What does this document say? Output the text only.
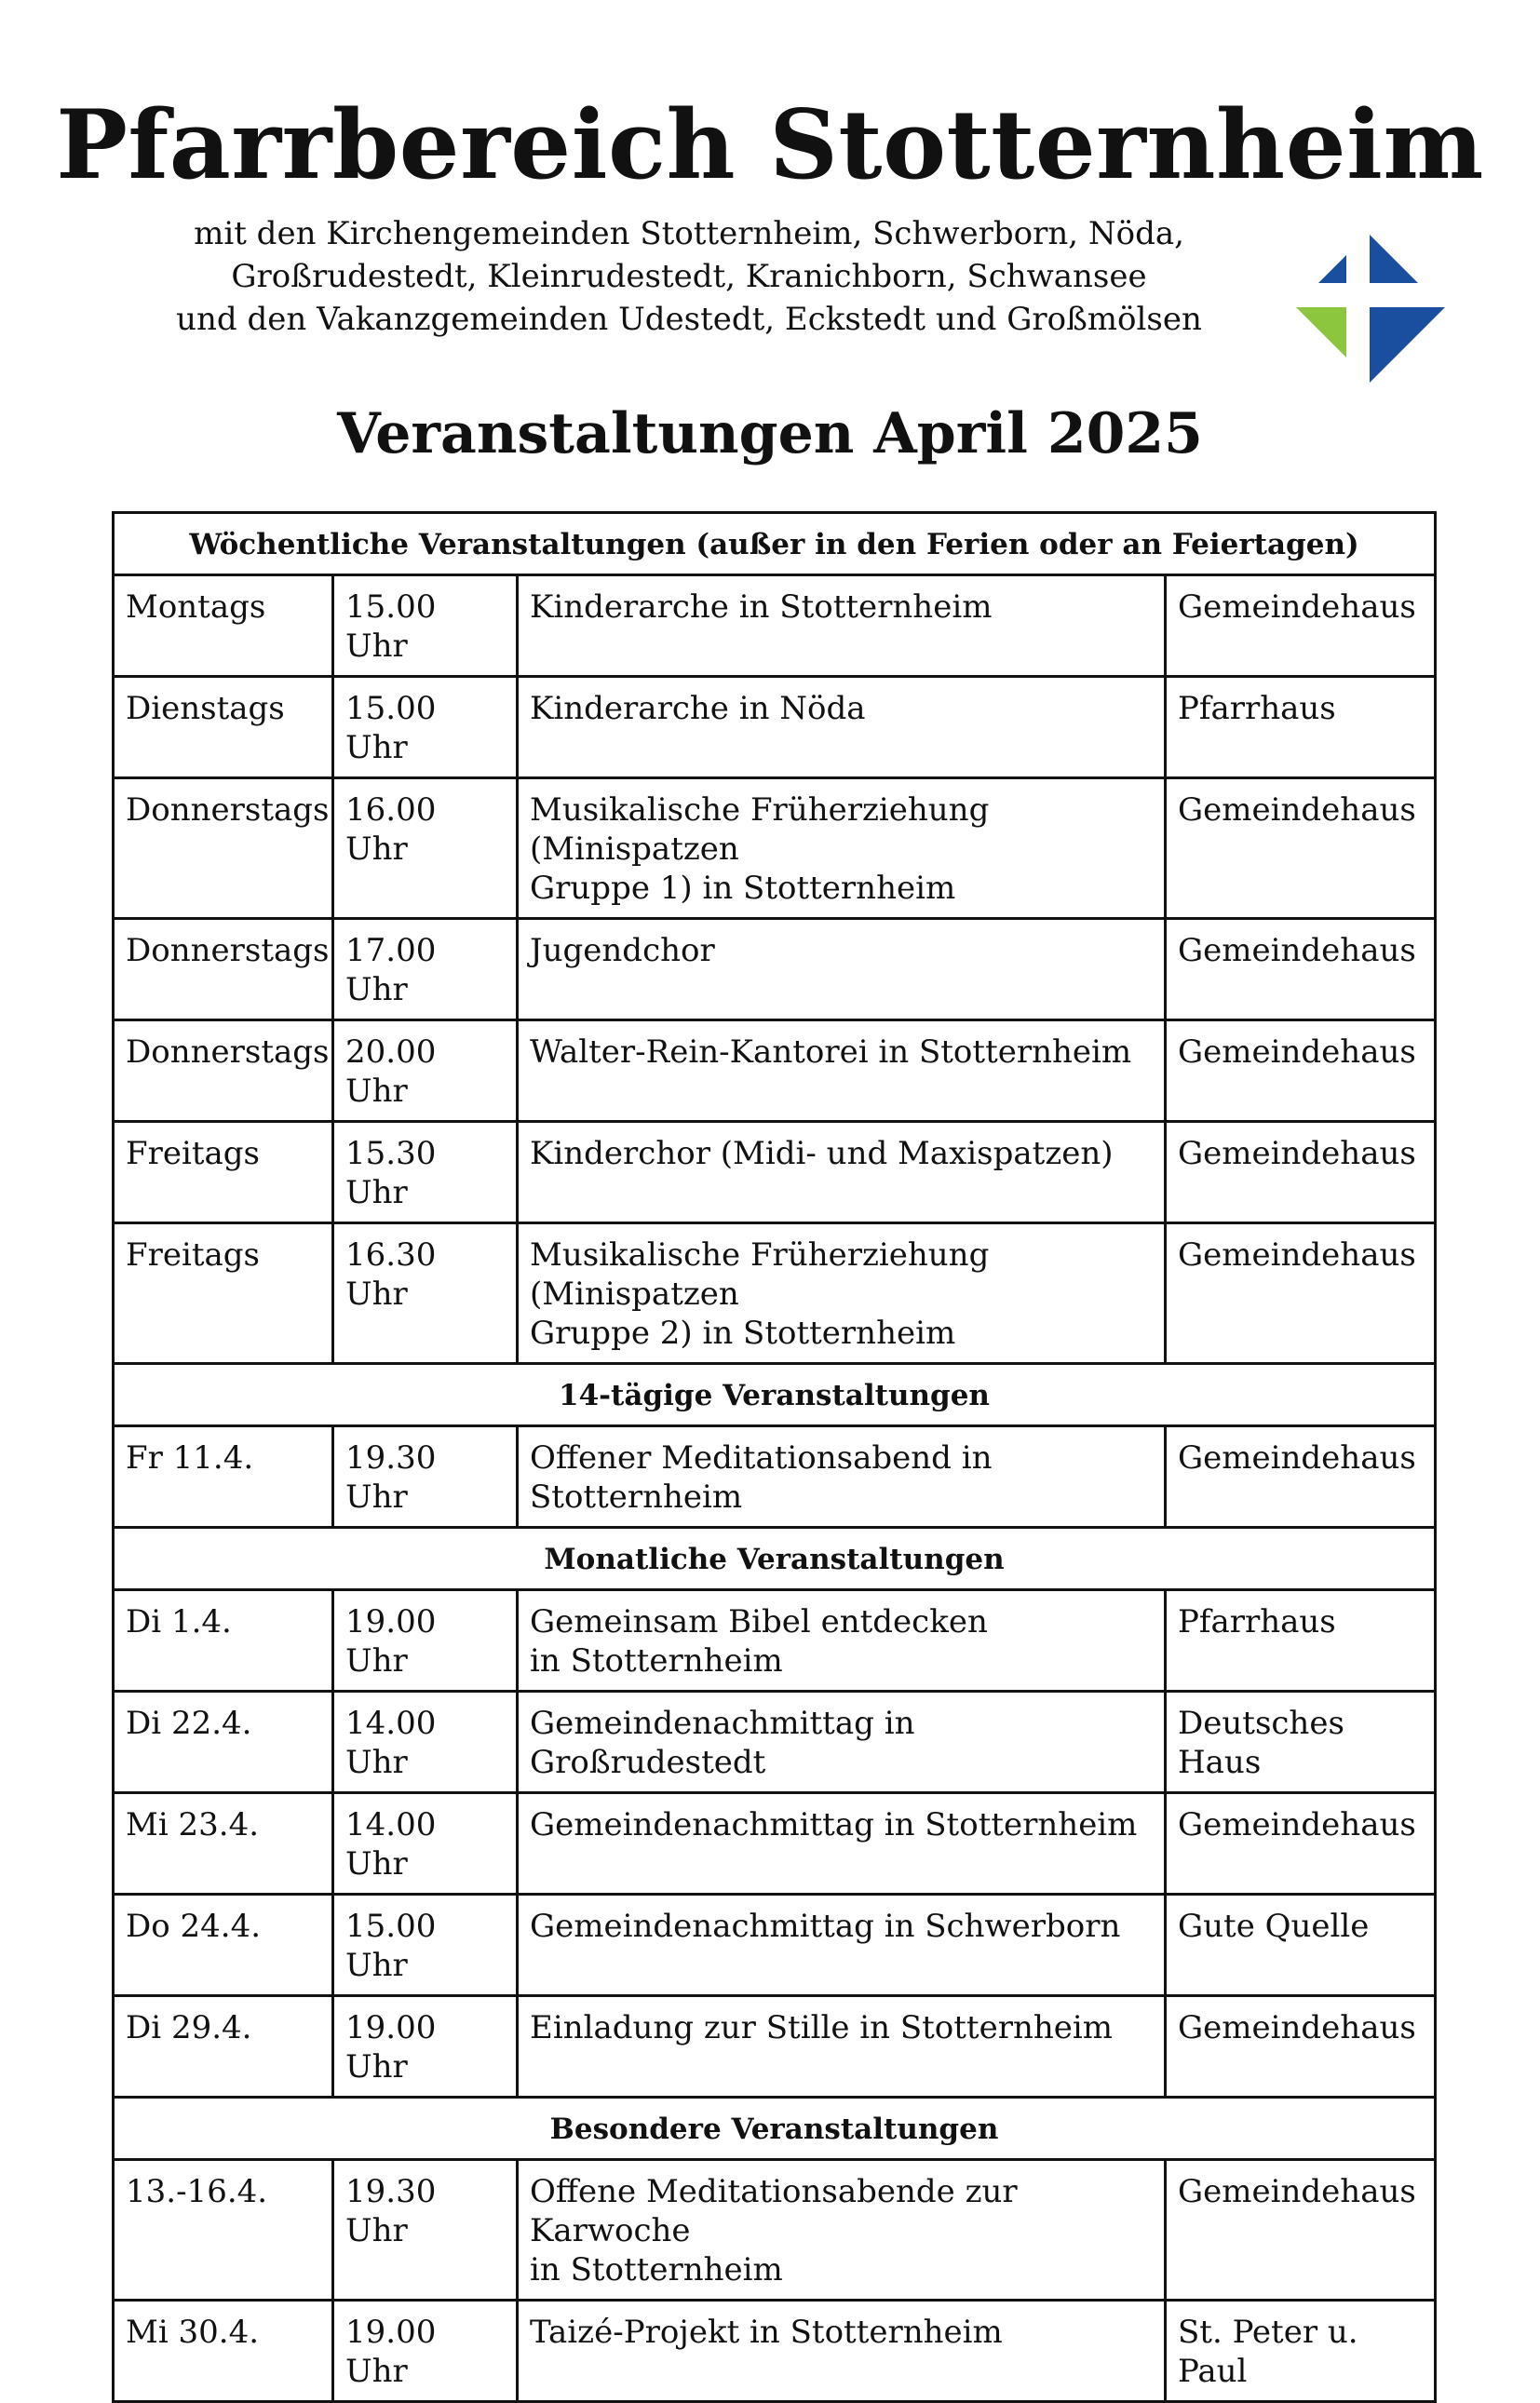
Pfarrbereich Stotternheim
mit den Kirchengemeinden Stotternheim, Schwerborn, Nöda,
Großrudestedt, Kleinrudestedt, Kranichborn, Schwansee
und den Vakanzgemeinden Udestedt, Eckstedt und Großmölsen
Veranstaltungen April 2025
Wöchentliche Veranstaltungen (außer in den Ferien oder an Feiertagen)			
Montags	15.00 Uhr	Kinderarche in Stotternheim	Gemeindehaus
Dienstags	15.00 Uhr	Kinderarche in Nöda	Pfarrhaus
Donnerstags	16.00 Uhr	Musikalische Früherziehung (Minispatzen
Gruppe 1) in Stotternheim	Gemeindehaus
Donnerstags	17.00 Uhr	Jugendchor	Gemeindehaus
Donnerstags	20.00 Uhr	Walter-Rein-Kantorei in Stotternheim	Gemeindehaus
Freitags	15.30 Uhr	Kinderchor (Midi- und Maxispatzen)	Gemeindehaus
Freitags	16.30 Uhr	Musikalische Früherziehung (Minispatzen
Gruppe 2) in Stotternheim	Gemeindehaus
14-tägige Veranstaltungen			
Fr 11.4.	19.30 Uhr	Offener Meditationsabend in Stotternheim	Gemeindehaus
Monatliche Veranstaltungen			
Di 1.4.	19.00 Uhr	Gemeinsam Bibel entdecken
in Stotternheim	Pfarrhaus
Di 22.4.	14.00 Uhr	Gemeindenachmittag in Großrudestedt	Deutsches Haus
Mi 23.4.	14.00 Uhr	Gemeindenachmittag in Stotternheim	Gemeindehaus
Do 24.4.	15.00 Uhr	Gemeindenachmittag in Schwerborn	Gute Quelle
Di 29.4.	19.00 Uhr	Einladung zur Stille in Stotternheim	Gemeindehaus
Besondere Veranstaltungen			
13.-16.4.	19.30 Uhr	Offene Meditationsabende zur Karwoche
in Stotternheim	Gemeindehaus
Mi 30.4.	19.00 Uhr	Taizé-Projekt in Stotternheim	St. Peter u. Paul
